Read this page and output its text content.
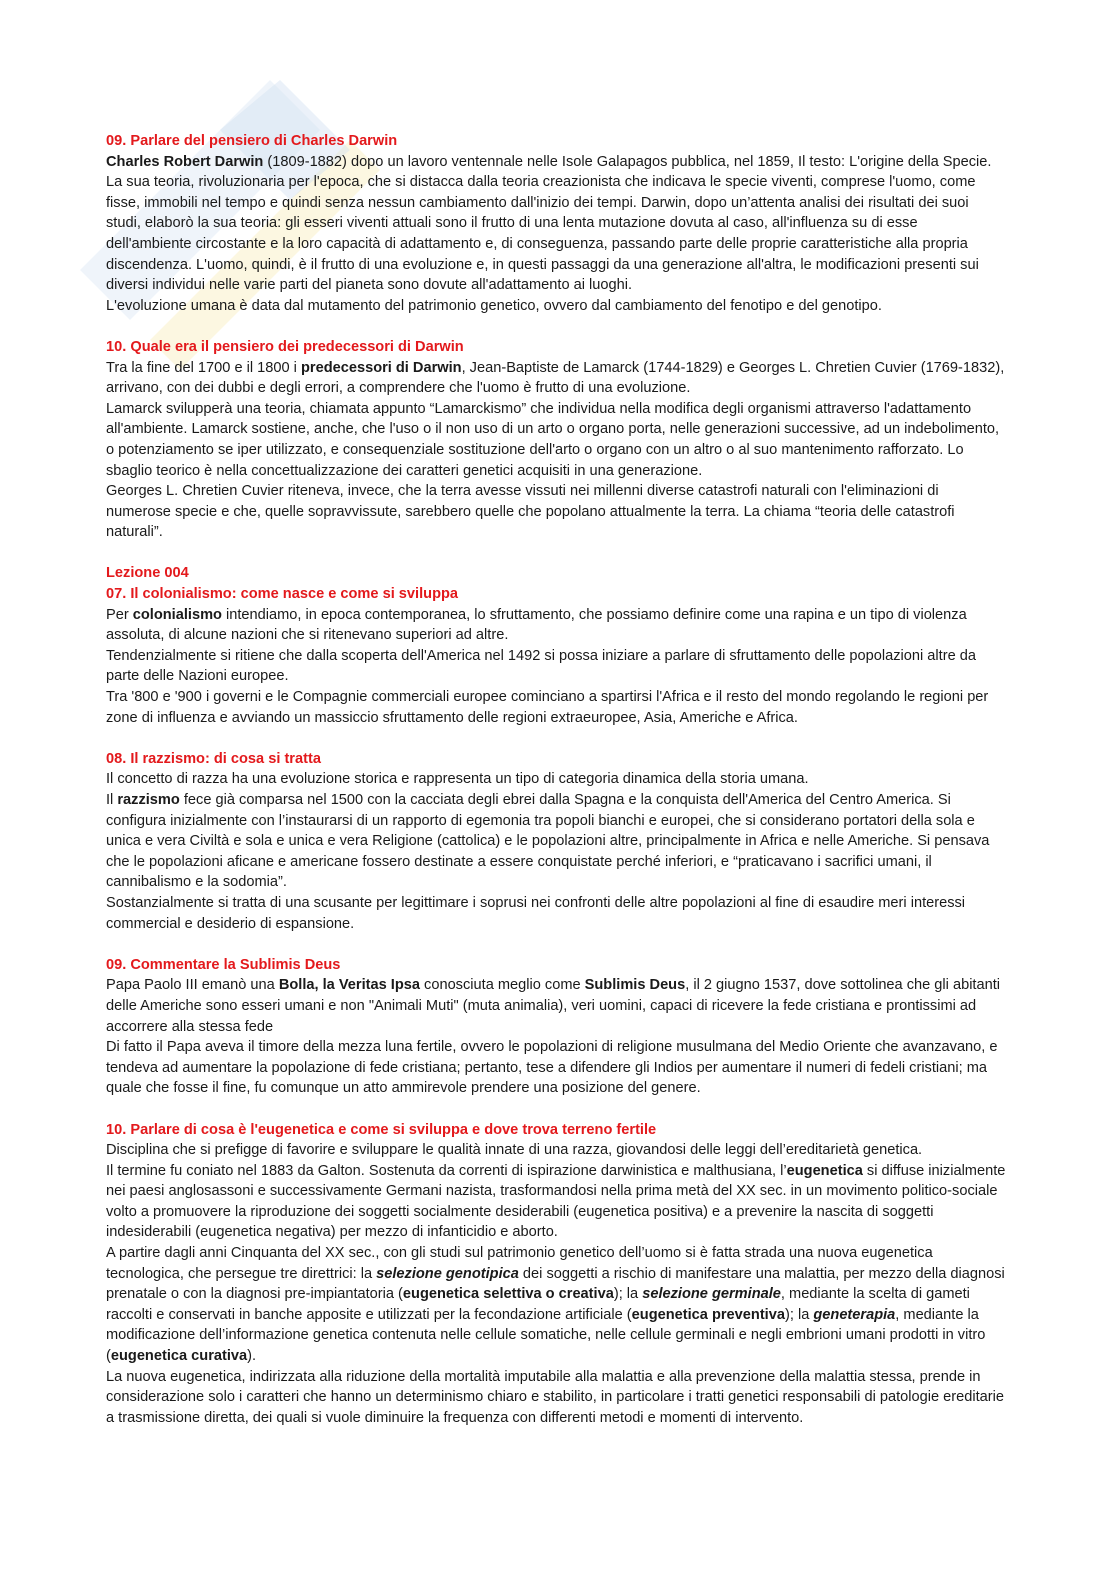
09. Parlare del pensiero di Charles Darwin

Charles Robert Darwin (1809-1882) dopo un lavoro ventennale nelle Isole Galapagos pubblica, nel 1859, Il testo: L'origine della Specie.

La sua teoria, rivoluzionaria per l'epoca, che si distacca dalla teoria creazionista che indicava le specie viventi, comprese l'uomo, come fisse, immobili nel tempo e quindi senza nessun cambiamento dall'inizio dei tempi. Darwin, dopo un’attenta analisi dei risultati dei suoi studi, elaborò la sua teoria: gli esseri viventi attuali sono il frutto di una lenta mutazione dovuta al caso, all'influenza su di esse dell'ambiente circostante e la loro capacità di adattamento e, di conseguenza, passando parte delle proprie caratteristiche alla propria discendenza. L'uomo, quindi, è il frutto di una evoluzione e, in questi passaggi da una generazione all'altra, le modificazioni presenti sui diversi individui nelle varie parti del pianeta sono dovute all'adattamento ai luoghi.

L'evoluzione umana è data dal mutamento del patrimonio genetico, ovvero dal cambiamento del fenotipo e del genotipo.

10. Quale era il pensiero dei predecessori di Darwin

Tra la fine del 1700 e il 1800 i predecessori di Darwin, Jean-Baptiste de Lamarck (1744-1829) e Georges L. Chretien Cuvier (1769-1832), arrivano, con dei dubbi e degli errori, a comprendere che l'uomo è frutto di una evoluzione.

Lamarck svilupperà una teoria, chiamata appunto “Lamarckismo” che individua nella modifica degli organismi attraverso l'adattamento all'ambiente. Lamarck sostiene, anche, che l'uso o il non uso di un arto o organo porta, nelle generazioni successive, ad un indebolimento, o potenziamento se iper utilizzato, e consequenziale sostituzione dell'arto o organo con un altro o al suo mantenimento rafforzato. Lo sbaglio teorico è nella concettualizzazione dei caratteri genetici acquisiti in una generazione.

Georges L. Chretien Cuvier riteneva, invece, che la terra avesse vissuti nei millenni diverse catastrofi naturali con l'eliminazioni di numerose specie e che, quelle sopravvissute, sarebbero quelle che popolano attualmente la terra. La chiama “teoria delle catastrofi naturali”.

Lezione 004
07. Il colonialismo: come nasce e come si sviluppa

Per colonialismo intendiamo, in epoca contemporanea, lo sfruttamento, che possiamo definire come una rapina e un tipo di violenza assoluta, di alcune nazioni che si ritenevano superiori ad altre.

Tendenzialmente si ritiene che dalla scoperta dell'America nel 1492 si possa iniziare a parlare di sfruttamento delle popolazioni altre da parte delle Nazioni europee.

Tra '800 e '900 i governi e le Compagnie commerciali europee cominciano a spartirsi l'Africa e il resto del mondo regolando le regioni per zone di influenza e avviando un massiccio sfruttamento delle regioni extraeuropee, Asia, Americhe e Africa.

08. Il razzismo: di cosa si tratta

Il concetto di razza ha una evoluzione storica e rappresenta un tipo di categoria dinamica della storia umana.

Il razzismo fece già comparsa nel 1500 con la cacciata degli ebrei dalla Spagna e la conquista dell'America del Centro America. Si configura inizialmente con l’instaurarsi di un rapporto di egemonia tra popoli bianchi e europei, che si considerano portatori della sola e unica e vera Civiltà e sola e unica e vera Religione (cattolica) e le popolazioni altre, principalmente in Africa e nelle Americhe. Si pensava che le popolazioni aficane e americane fossero destinate a essere conquistate perché inferiori, e “praticavano i sacrifici umani, il cannibalismo e la sodomia”.

Sostanzialmente si tratta di una scusante per legittimare i soprusi nei confronti delle altre popolazioni al fine di esaudire meri interessi commercial e desiderio di espansione.

09. Commentare la Sublimis Deus

Papa Paolo III emanò una Bolla, la Veritas Ipsa conosciuta meglio come Sublimis Deus, il 2 giugno 1537, dove sottolinea che gli abitanti delle Americhe sono esseri umani e non "Animali Muti" (muta animalia), veri uomini, capaci di ricevere la fede cristiana e prontissimi ad accorrere alla stessa fede

Di fatto il Papa aveva il timore della mezza luna fertile, ovvero le popolazioni di religione musulmana del Medio Oriente che avanzavano, e tendeva ad aumentare la popolazione di fede cristiana; pertanto, tese a difendere gli Indios per aumentare il numeri di fedeli cristiani; ma quale che fosse il fine, fu comunque un atto ammirevole prendere una posizione del genere.

10. Parlare di cosa è l'eugenetica e come si sviluppa e dove trova terreno fertile

Disciplina che si prefigge di favorire e sviluppare le qualità innate di una razza, giovandosi delle leggi dell’ereditarietà genetica.

Il termine fu coniato nel 1883 da Galton. Sostenuta da correnti di ispirazione darwinistica e malthusiana, l’eugenetica si diffuse inizialmente nei paesi anglosassoni e successivamente Germani nazista, trasformandosi nella prima metà del XX sec. in un movimento politico-sociale volto a promuovere la riproduzione dei soggetti socialmente desiderabili (eugenetica positiva) e a prevenire la nascita di soggetti indesiderabili (eugenetica negativa) per mezzo di infanticidio e aborto.

A partire dagli anni Cinquanta del XX sec., con gli studi sul patrimonio genetico dell’uomo si è fatta strada una nuova eugenetica tecnologica, che persegue tre direttrici: la selezione genotipica dei soggetti a rischio di manifestare una malattia, per mezzo della diagnosi prenatale o con la diagnosi pre-impiantatoria (eugenetica selettiva o creativa); la selezione germinale, mediante la scelta di gameti raccolti e conservati in banche apposite e utilizzati per la fecondazione artificiale (eugenetica preventiva); la geneterapia, mediante la modificazione dell’informazione genetica contenuta nelle cellule somatiche, nelle cellule germinali e negli embrioni umani prodotti in vitro (eugenetica curativa).

La nuova eugenetica, indirizzata alla riduzione della mortalità imputabile alla malattia e alla prevenzione della malattia stessa, prende in considerazione solo i caratteri che hanno un determinismo chiaro e stabilito, in particolare i tratti genetici responsabili di patologie ereditarie a trasmissione diretta, dei quali si vuole diminuire la frequenza con differenti metodi e momenti di intervento.
